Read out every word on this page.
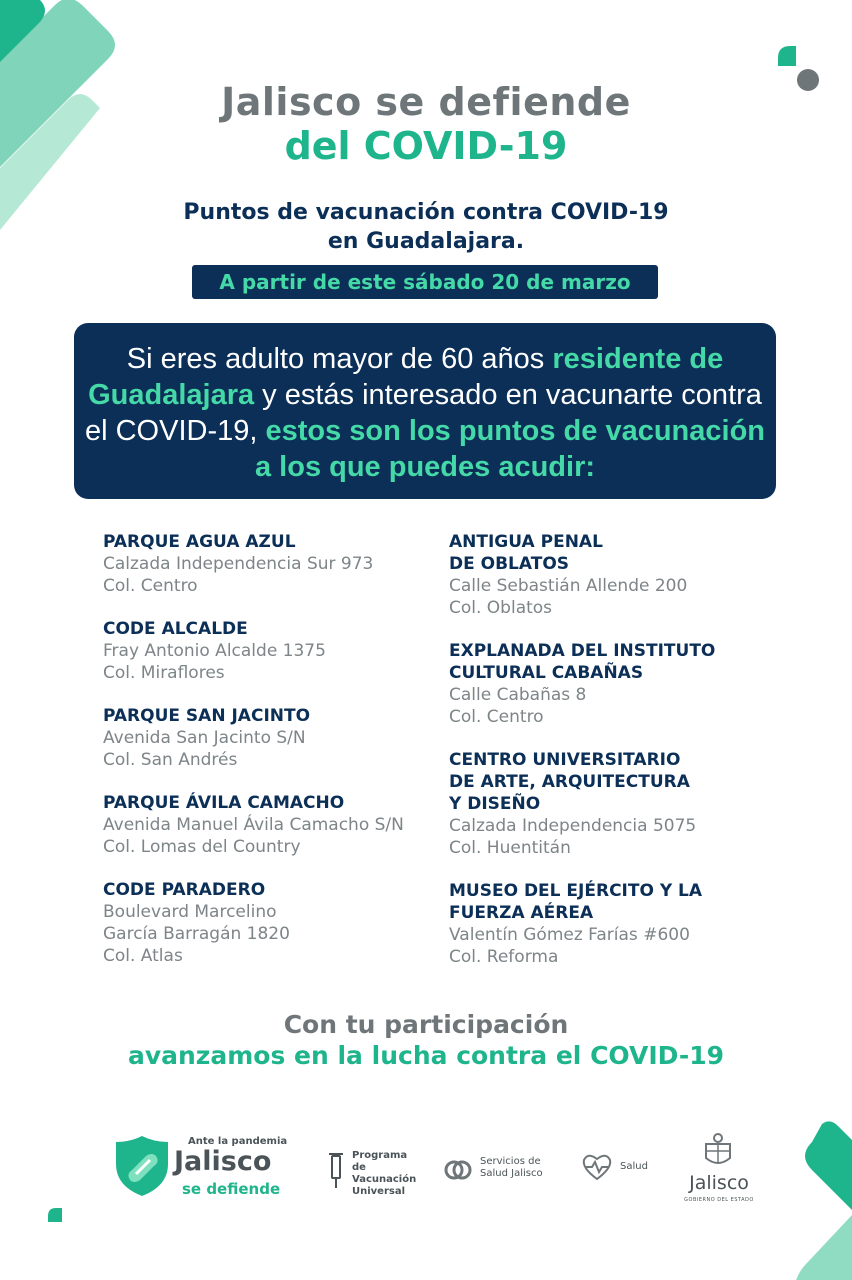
Jalisco se defiende
del COVID-19
Puntos de vacunación contra COVID-19
en Guadalajara.
A partir de este sábado 20 de marzo
Si eres adulto mayor de 60 años residente de Guadalajara y estás interesado en vacunarte contra el COVID-19, estos son los puntos de vacunación a los que puedes acudir:
PARQUE AGUA AZUL
Calzada Independencia Sur 973
Col. Centro
CODE ALCALDE
Fray Antonio Alcalde 1375
Col. Miraflores
PARQUE SAN JACINTO
Avenida San Jacinto S/N
Col. San Andrés
PARQUE ÁVILA CAMACHO
Avenida Manuel Ávila Camacho S/N
Col. Lomas del Country
CODE PARADERO
Boulevard Marcelino
García Barragán 1820
Col. Atlas
ANTIGUA PENAL
DE OBLATOS
Calle Sebastián Allende 200
Col. Oblatos
EXPLANADA DEL INSTITUTO
CULTURAL CABAÑAS
Calle Cabañas 8
Col. Centro
CENTRO UNIVERSITARIO
DE ARTE, ARQUITECTURA
Y DISEÑO
Calzada Independencia 5075
Col. Huentitán
MUSEO DEL EJÉRCITO Y LA
FUERZA AÉREA
Valentín Gómez Farías #600
Col. Reforma
Con tu participación
avanzamos en la lucha contra el COVID-19
Ante la pandemia
Jalisco
se defiende
Programa de Vacunación Universal
Servicios de Salud Jalisco
Salud
Jalisco
GOBIERNO DEL ESTADO
